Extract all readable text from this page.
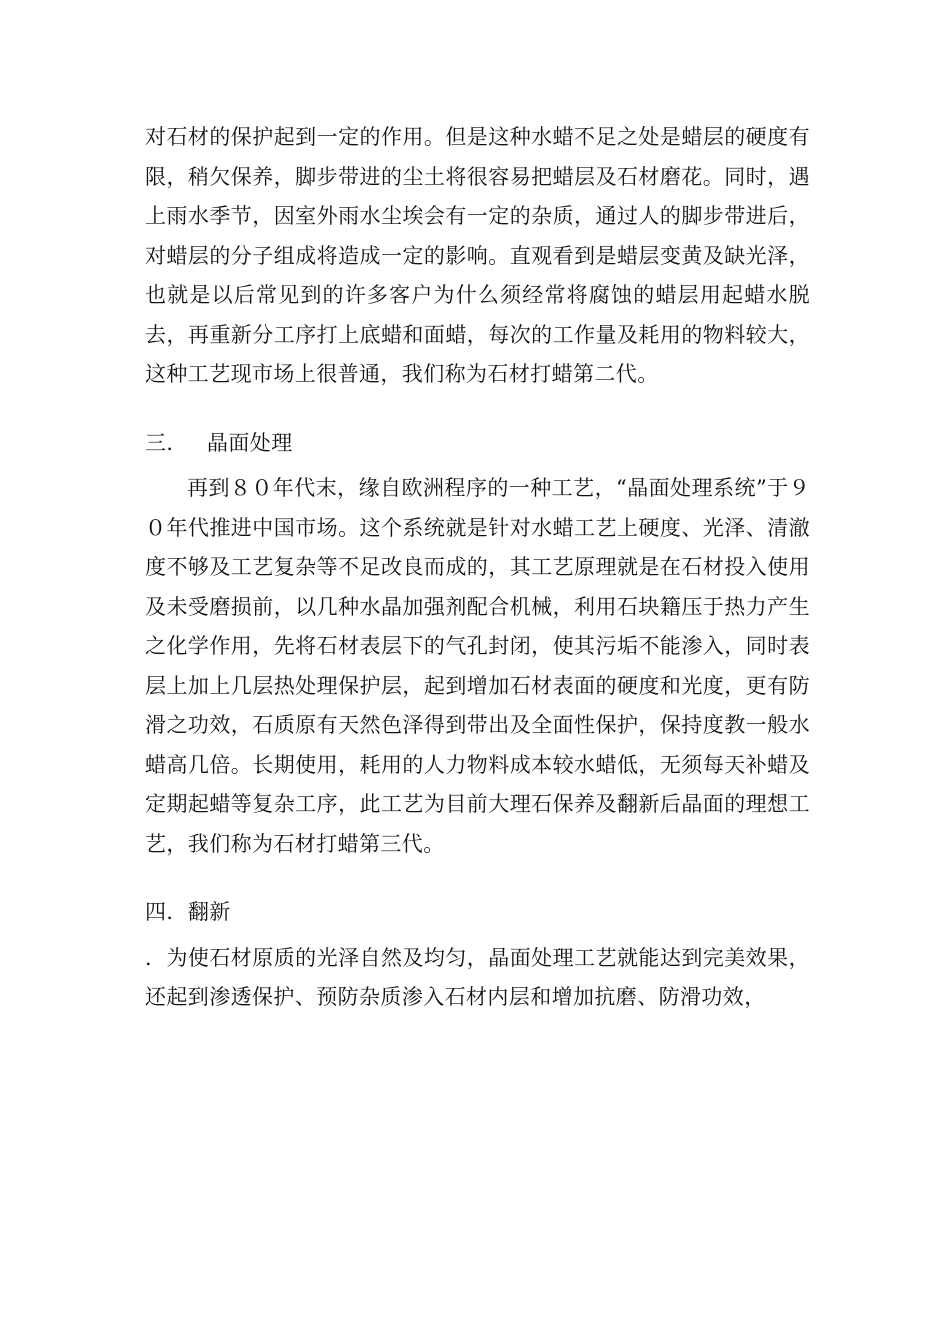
对石材的保护起到一定的作用。但是这种水蜡不足之处是蜡层的硬度有限，稍欠保养，脚步带进的尘土将很容易把蜡层及石材磨花。同时，遇上雨水季节，因室外雨水尘埃会有一定的杂质，通过人的脚步带进后，对蜡层的分子组成将造成一定的影响。直观看到是蜡层变黄及缺光泽，也就是以后常见到的许多客户为什么须经常将腐蚀的蜡层用起蜡水脱去，再重新分工序打上底蜡和面蜡，每次的工作量及耗用的物料较大，这种工艺现市场上很普通，我们称为石材打蜡第二代。

三． 晶面处理

再到８０年代末，缘自欧洲程序的一种工艺，“晶面处理系统”于９０年代推进中国市场。这个系统就是针对水蜡工艺上硬度、光泽、清澈度不够及工艺复杂等不足改良而成的，其工艺原理就是在石材投入使用及未受磨损前，以几种水晶加强剂配合机械，利用石块籍压于热力产生之化学作用，先将石材表层下的气孔封闭，使其污垢不能渗入，同时表层上加上几层热处理保护层，起到增加石材表面的硬度和光度，更有防滑之功效，石质原有天然色泽得到带出及全面性保护，保持度教一般水蜡高几倍。长期使用，耗用的人力物料成本较水蜡低，无须每天补蜡及定期起蜡等复杂工序，此工艺为目前大理石保养及翻新后晶面的理想工艺，我们称为石材打蜡第三代。

四．翻新

．为使石材原质的光泽自然及均匀，晶面处理工艺就能达到完美效果，还起到渗透保护、预防杂质渗入石材内层和增加抗磨、防滑功效，
